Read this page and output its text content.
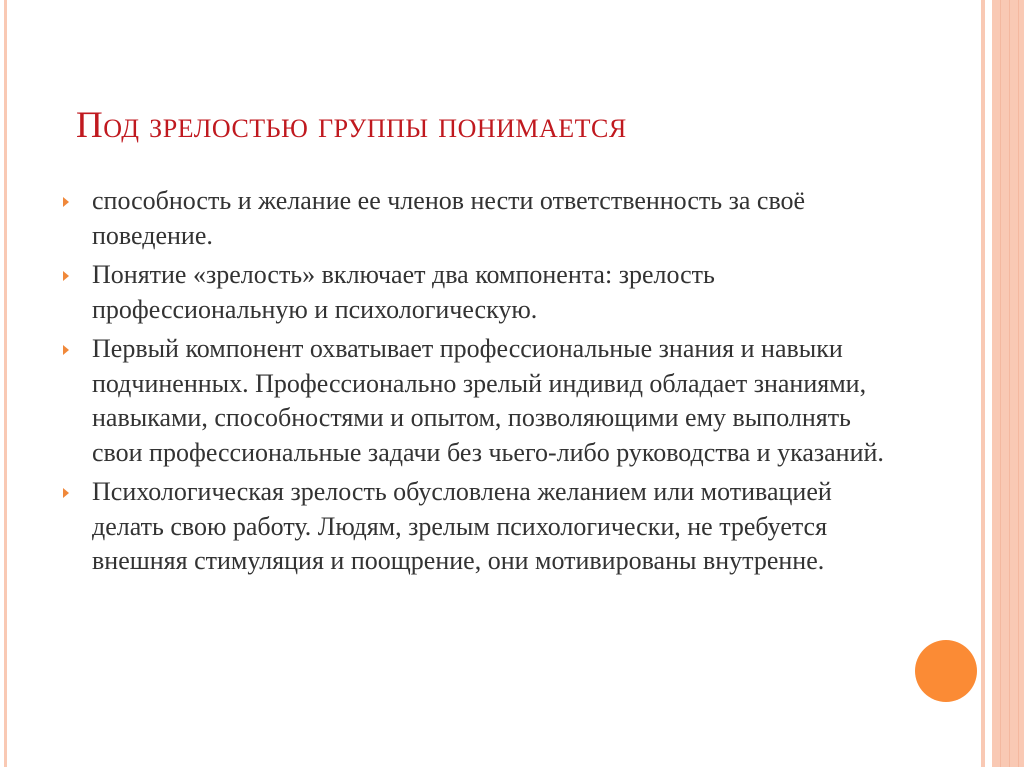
Под зрелостью группы понимается
способность и желание ее членов нести ответственность за своё поведение.
Понятие «зрелость» включает два компонента: зрелость профессиональную и психологическую.
Первый компонент охватывает профессиональные знания и навыки подчиненных. Профессионально зрелый индивид обладает знаниями, навыками, способностями и опытом, позволяющими ему выполнять свои профессиональные задачи без чьего-либо руководства и указаний.
Психологическая зрелость обусловлена желанием или мотивацией делать свою работу. Людям, зрелым психологически, не требуется внешняя стимуляция и поощрение, они мотивированы внутренне.
